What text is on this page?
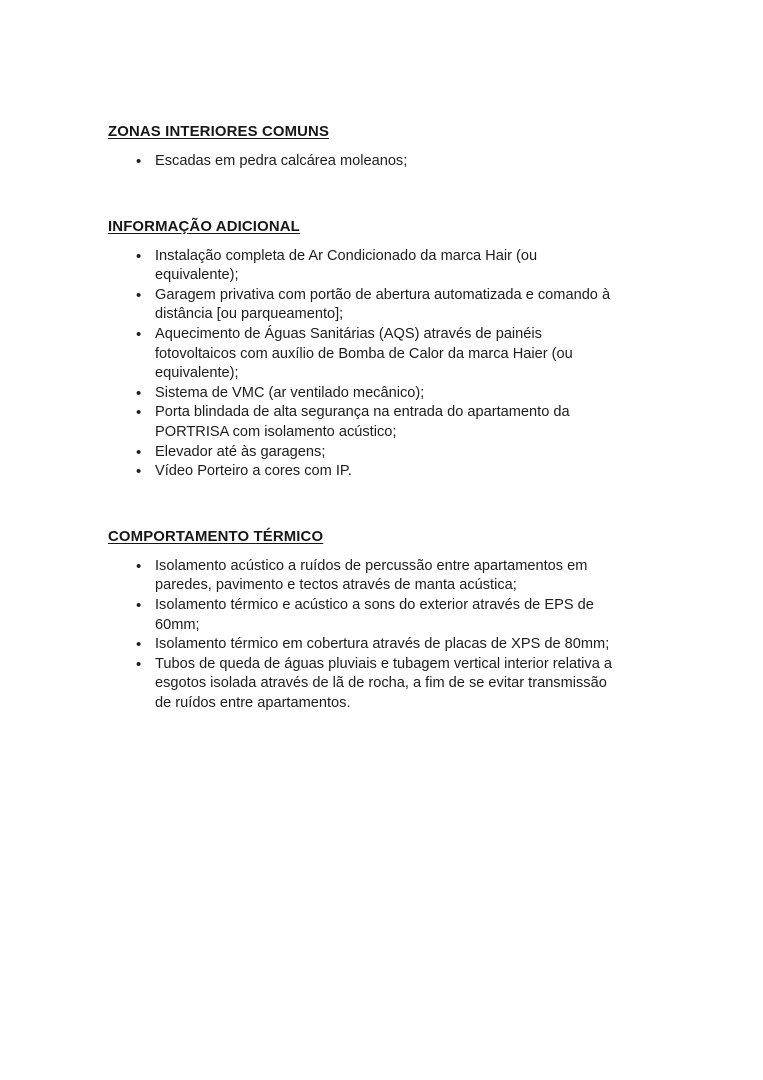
ZONAS INTERIORES COMUNS
• Escadas em pedra calcárea moleanos;
INFORMAÇÃO ADICIONAL
• Instalação completa de Ar Condicionado da marca Hair (ou equivalente);
• Garagem privativa com portão de abertura automatizada e comando à distância [ou parqueamento];
• Aquecimento de Águas Sanitárias (AQS) através de painéis fotovoltaicos com auxílio de Bomba de Calor da marca Haier (ou equivalente);
• Sistema de VMC (ar ventilado mecânico);
• Porta blindada de alta segurança na entrada do apartamento da PORTRISA com isolamento acústico;
• Elevador até às garagens;
• Vídeo Porteiro a cores com IP.
COMPORTAMENTO TÉRMICO
• Isolamento acústico a ruídos de percussão entre apartamentos em paredes, pavimento e tectos através de manta acústica;
• Isolamento térmico e acústico a sons do exterior através de EPS de 60mm;
• Isolamento térmico em cobertura através de placas de XPS de 80mm;
• Tubos de queda de águas pluviais e tubagem vertical interior relativa a esgotos isolada através de lã de rocha, a fim de se evitar transmissão de ruídos entre apartamentos.
